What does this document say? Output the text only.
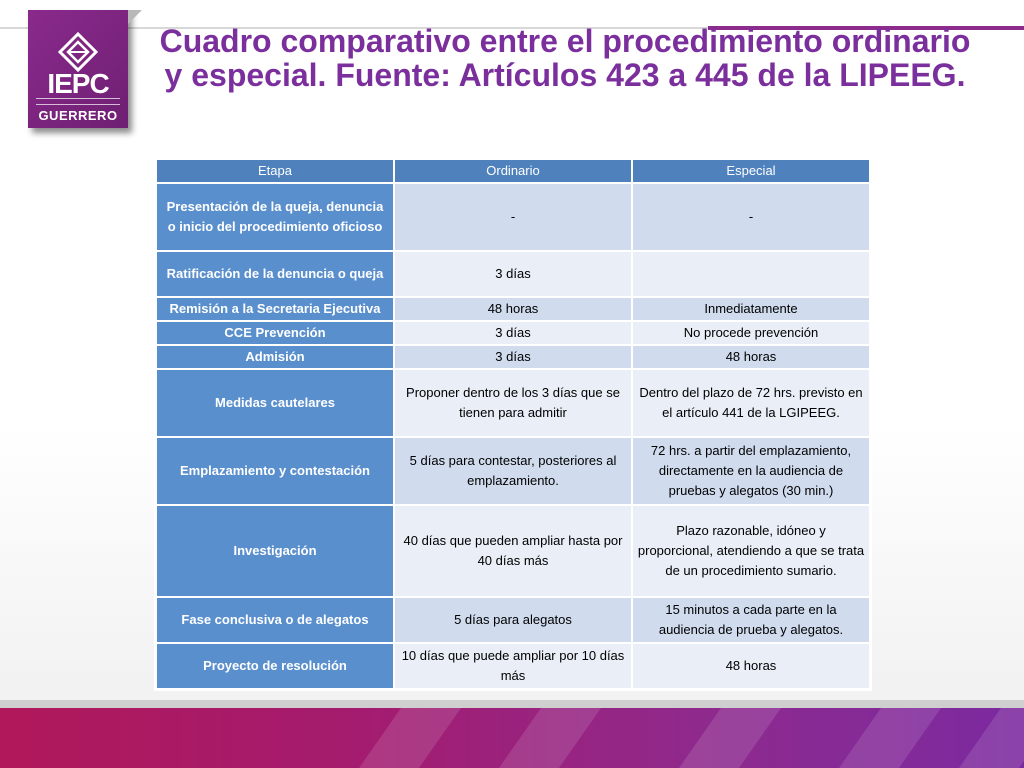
IEPC
GUERRERO
Cuadro comparativo entre el procedimiento ordinario y especial. Fuente: Artículos 423 a 445 de la LIPEEG.
Etapa	Ordinario	Especial
Presentación de la queja, denuncia o inicio del procedimiento oficioso	-	-
Ratificación de la denuncia o queja	3 días	
Remisión a la Secretaria Ejecutiva	48 horas	Inmediatamente
CCE Prevención	3 días	No procede prevención
Admisión	3 días	48 horas
Medidas cautelares	Proponer dentro de los 3 días que se tienen para admitir	Dentro del plazo de 72 hrs. previsto en el artículo 441 de la LGIPEEG.
Emplazamiento y contestación	5 días para contestar, posteriores al emplazamiento.	72 hrs. a partir del emplazamiento, directamente en la audiencia de pruebas y alegatos (30 min.)
Investigación	40 días que pueden ampliar hasta por 40 días más	Plazo razonable, idóneo y proporcional, atendiendo a que se trata de un procedimiento sumario.
Fase conclusiva o de alegatos	5 días para alegatos	15 minutos a cada parte en la audiencia de prueba y alegatos.
Proyecto de resolución	10 días que puede ampliar por 10 días más	48 horas
